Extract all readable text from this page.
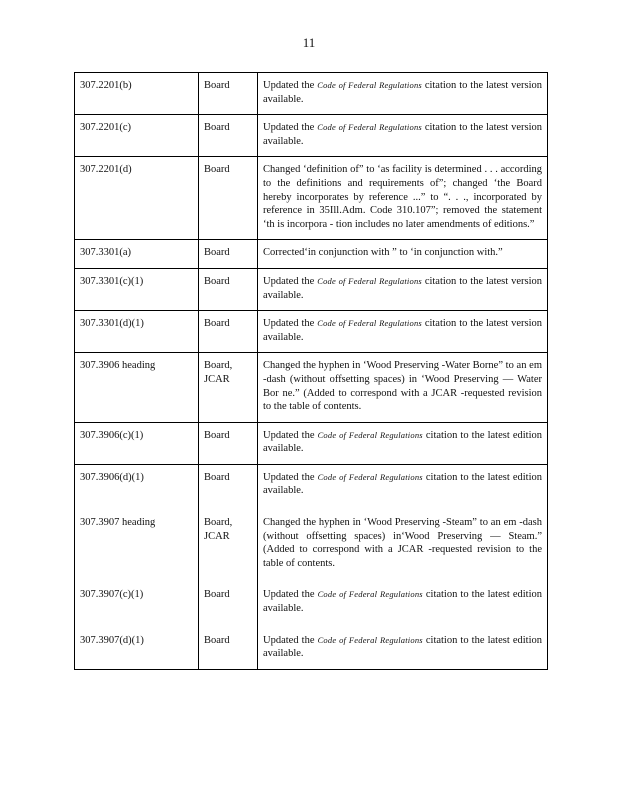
11
307.2201(b)	Board	Updated the Code of Federal Regulations citation to the latest version available.
307.2201(c)	Board	Updated the Code of Federal Regulations citation to the latest version available.
307.2201(d)	Board	Changed ‘definition of” to ‘as facility is determined . . . according to the definitions and requirements of”; changed ‘the Board hereby incorporates by reference ...” to “. . ., incorporated by reference in 35Ill.Adm. Code 310.107”; removed the statement ‘th is incorpora - tion includes no later amendments of editions.”
307.3301(a)	Board	Corrected‘in conjunction with ” to ‘in conjunction with.”
307.3301(c)(1)	Board	Updated the Code of Federal Regulations citation to the latest version available.
307.3301(d)(1)	Board	Updated the Code of Federal Regulations citation to the latest version available.
307.3906 heading	Board, JCAR	Changed the hyphen in ‘Wood Preserving -Water Borne” to an em -dash (without offsetting spaces) in ‘Wood Preserving — Water Bor ne.” (Added to correspond with a JCAR -requested revision to the table of contents.
307.3906(c)(1)	Board	Updated the Code of Federal Regulations citation to the latest edition available.
307.3906(d)(1)	Board	Updated the Code of Federal Regulations citation to the latest edition available.
307.3907 heading	Board, JCAR	Changed the hyphen in ‘Wood Preserving -Steam” to an em -dash (without offsetting spaces) in‘Wood Preserving — Steam.” (Added to correspond with a JCAR -requested revision to the table of contents.
307.3907(c)(1)	Board	Updated the Code of Federal Regulations citation to the latest edition available.
307.3907(d)(1)	Board	Updated the Code of Federal Regulations citation to the latest edition available.
